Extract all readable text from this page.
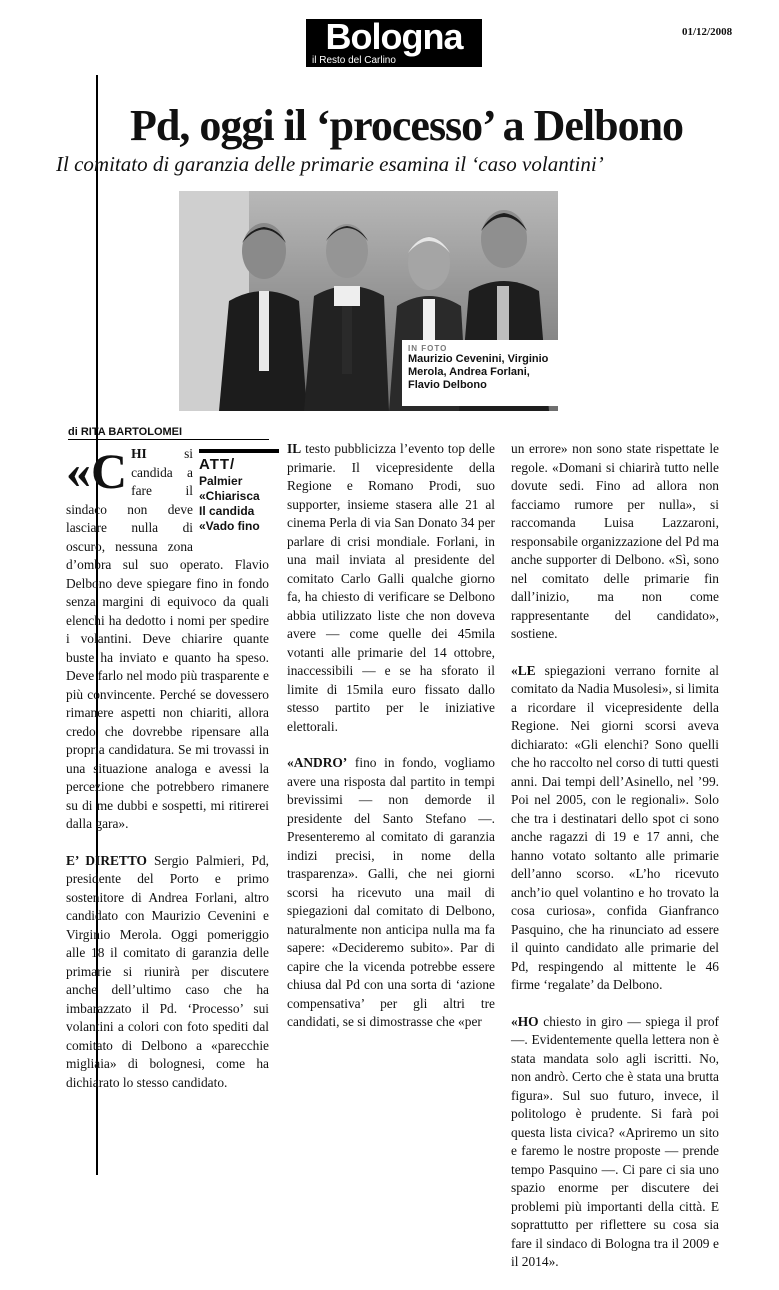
Bologna
il Resto del Carlino
01/12/2008
Pd, oggi il ‘processo’ a Delbono
Il comitato di garanzia delle primarie esamina il ‘caso volantini’
IN FOTO
Maurizio Cevenini, Virginio Merola, Andrea Forlani, Flavio Delbono
di RITA BARTOLOMEI

«C HI
ATT/
Palmier
«Chiarisca
Il candida
«Vado fino
si candida a fare il sindaco non deve lasciare nulla di oscuro, nessuna zona d’ombra sul suo operato. Flavio Delbono deve spiegare fino in fondo senza margini di equivoco da quali elenchi ha dedotto i nomi per spedire i volantini. Deve chiarire quante buste ha inviato e quanto ha speso. Deve farlo nel modo più trasparente e più convincente. Perché se dovessero rimanere aspetti non chiariti, allora credo che dovrebbe ripensare alla propria candidatura. Se mi trovassi in una situazione analoga e avessi la percezione che potrebbero rimanere su di me dubbi e sospetti, mi ritirerei dalla gara».

E’ DIRETTO Sergio Palmieri, Pd, presidente del Porto e primo sostenitore di Andrea Forlani, altro candidato con Maurizio Cevenini e Virginio Merola. Oggi pomeriggio alle 18 il comitato di garanzia delle primarie si riunirà per discutere anche dell’ultimo caso che ha imbarazzato il Pd. ‘Processo’ sui volantini a colori con foto spediti dal comitato di Delbono a «parecchie migliaia» di bolognesi, come ha dichiarato lo stesso candidato.

IL testo pubblicizza l’evento top delle primarie. Il vicepresidente della Regione e Romano Prodi, suo supporter, insieme stasera alle 21 al cinema Perla di via San Donato 34 per parlare di crisi mondiale. Forlani, in una mail inviata al presidente del comitato Carlo Galli qualche giorno fa, ha chiesto di verificare se Delbono abbia utilizzato liste che non doveva avere — come quelle dei 45mila votanti alle primarie del 14 ottobre, inaccessibili — e se ha sforato il limite di 15mila euro fissato dallo stesso partito per le iniziative elettorali.

«ANDRO’ fino in fondo, vogliamo avere una risposta dal partito in tempi brevissimi — non demorde il presidente del Santo Stefano —. Presenteremo al comitato di garanzia indizi precisi, in nome della trasparenza». Galli, che nei giorni scorsi ha ricevuto una mail di spiegazioni dal comitato di Delbono, naturalmente non anticipa nulla ma fa sapere: «Decideremo subito». Par di capire che la vicenda potrebbe essere chiusa dal Pd con una sorta di ‘azione compensativa’ per gli altri tre candidati, se si dimostrasse che «per

un errore» non sono state rispettate le regole. «Domani si chiarirà tutto nelle dovute sedi. Fino ad allora non facciamo rumore per nulla», si raccomanda Luisa Lazzaroni, responsabile organizzazione del Pd ma anche supporter di Delbono. «Sì, sono nel comitato delle primarie fin dall’inizio, ma non come rappresentante del candidato», sostiene.

«LE spiegazioni verrano fornite al comitato da Nadia Musolesi», si limita a ricordare il vicepresidente della Regione. Nei giorni scorsi aveva dichiarato: «Gli elenchi? Sono quelli che ho raccolto nel corso di tutti questi anni. Dai tempi dell’Asinello, nel ’99. Poi nel 2005, con le regionali». Solo che tra i destinatari dello spot ci sono anche ragazzi di 19 e 17 anni, che hanno votato soltanto alle primarie dell’anno scorso. «L’ho ricevuto anch’io quel volantino e ho trovato la cosa curiosa», confida Gianfranco Pasquino, che ha rinunciato ad essere il quinto candidato alle primarie del Pd, respingendo al mittente le 46 firme ‘regalate’ da Delbono.

«HO chiesto in giro — spiega il prof —. Evidentemente quella lettera non è stata mandata solo agli iscritti. No, non andrò. Certo che è stata una brutta figura». Sul suo futuro, invece, il politologo è prudente. Si farà poi questa lista civica? «Apriremo un sito e faremo le nostre proposte — prende tempo Pasquino —. Ci pare ci sia uno spazio enorme per discutere dei problemi più importanti della città. E soprattutto per riflettere su cosa sia fare il sindaco di Bologna tra il 2009 e il 2014».
